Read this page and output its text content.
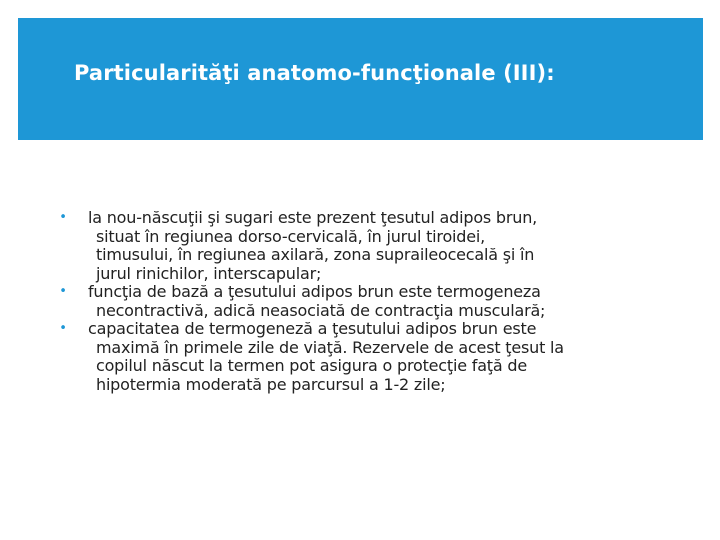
Particularităţi anatomo-funcţionale (III):
• la nou-născuţii şi sugari este prezent ţesutul adipos brun,
situat în regiunea dorso-cervicală, în jurul tiroidei,
timusului, în regiunea axilară, zona suprailеocecală şi în
jurul rinichilor, interscapular;
• funcţia de bază a ţesutului adipos brun este termogeneza
necontractivă, adică neasociată de contracţia musculară;
• capacitatea de termogeneză a ţesutului adipos brun este
maximă în primele zile de viaţă. Rezervele de acest ţesut la
copilul născut la termen pot asigura o protecţie faţă de
hipotermia moderată pe parcursul a 1-2 zile;
